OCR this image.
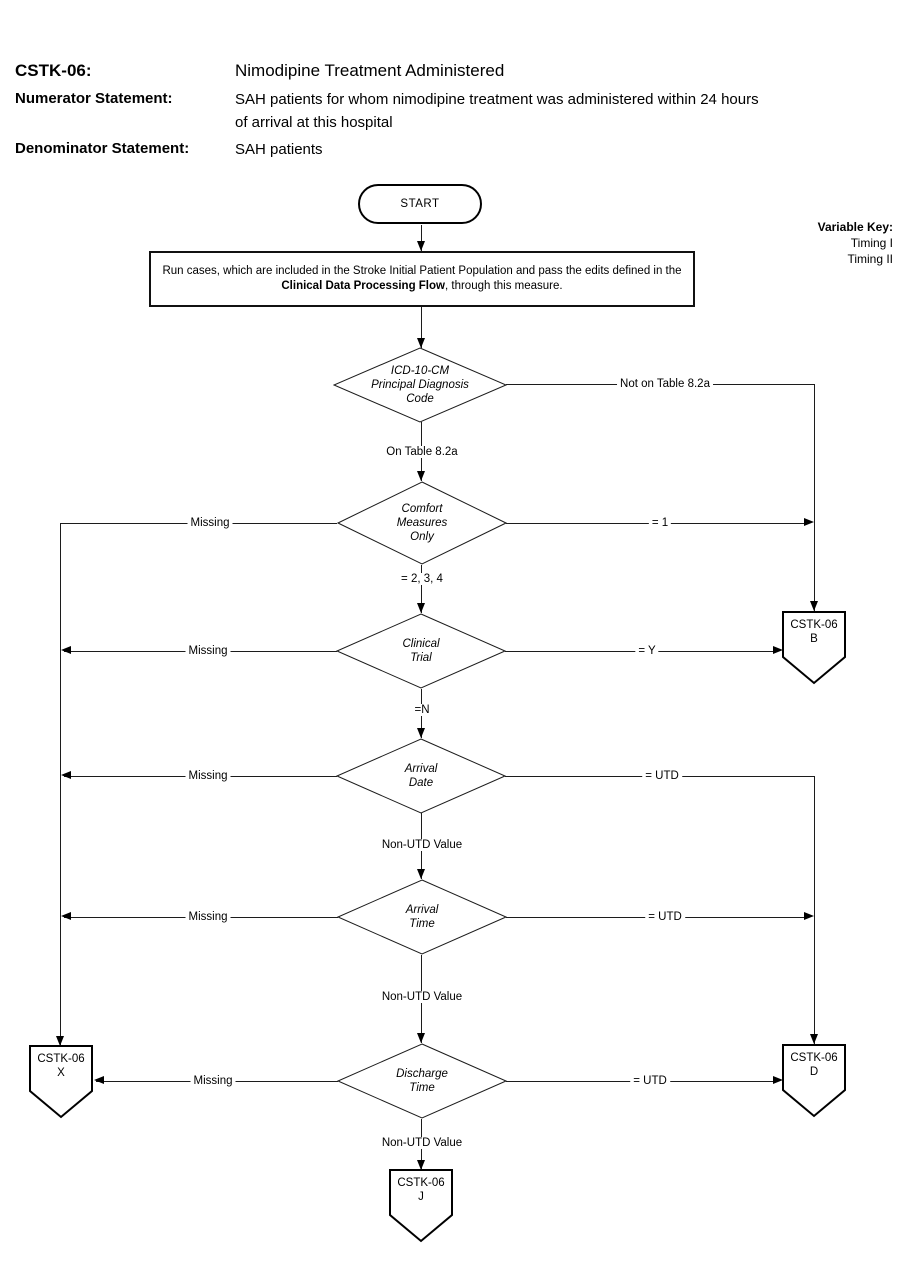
CSTK-06:	Nimodipine Treatment Administered
Numerator Statement:	SAH patients for whom nimodipine treatment was administered within 24 hours
of arrival at this hospital
Denominator Statement:	SAH patients
Variable Key:
Timing I
Timing II
START
Run cases, which are included in the Stroke Initial Patient Population and pass the edits defined in the
Clinical Data Processing Flow, through this measure.
ICD-10-CM
Principal Diagnosis
Code
Comfort
Measures
Only
Clinical
Trial
Arrival
Date
Arrival
Time
Discharge
Time
CSTK-06
B
CSTK-06
X
CSTK-06
D
CSTK-06
J
Not on Table 8.2a
On Table 8.2a
Missing	= 1
= 2, 3, 4
Missing	= Y
=N
Missing	= UTD
Non-UTD Value
Missing	= UTD
Non-UTD Value
Missing	= UTD
Non-UTD Value
